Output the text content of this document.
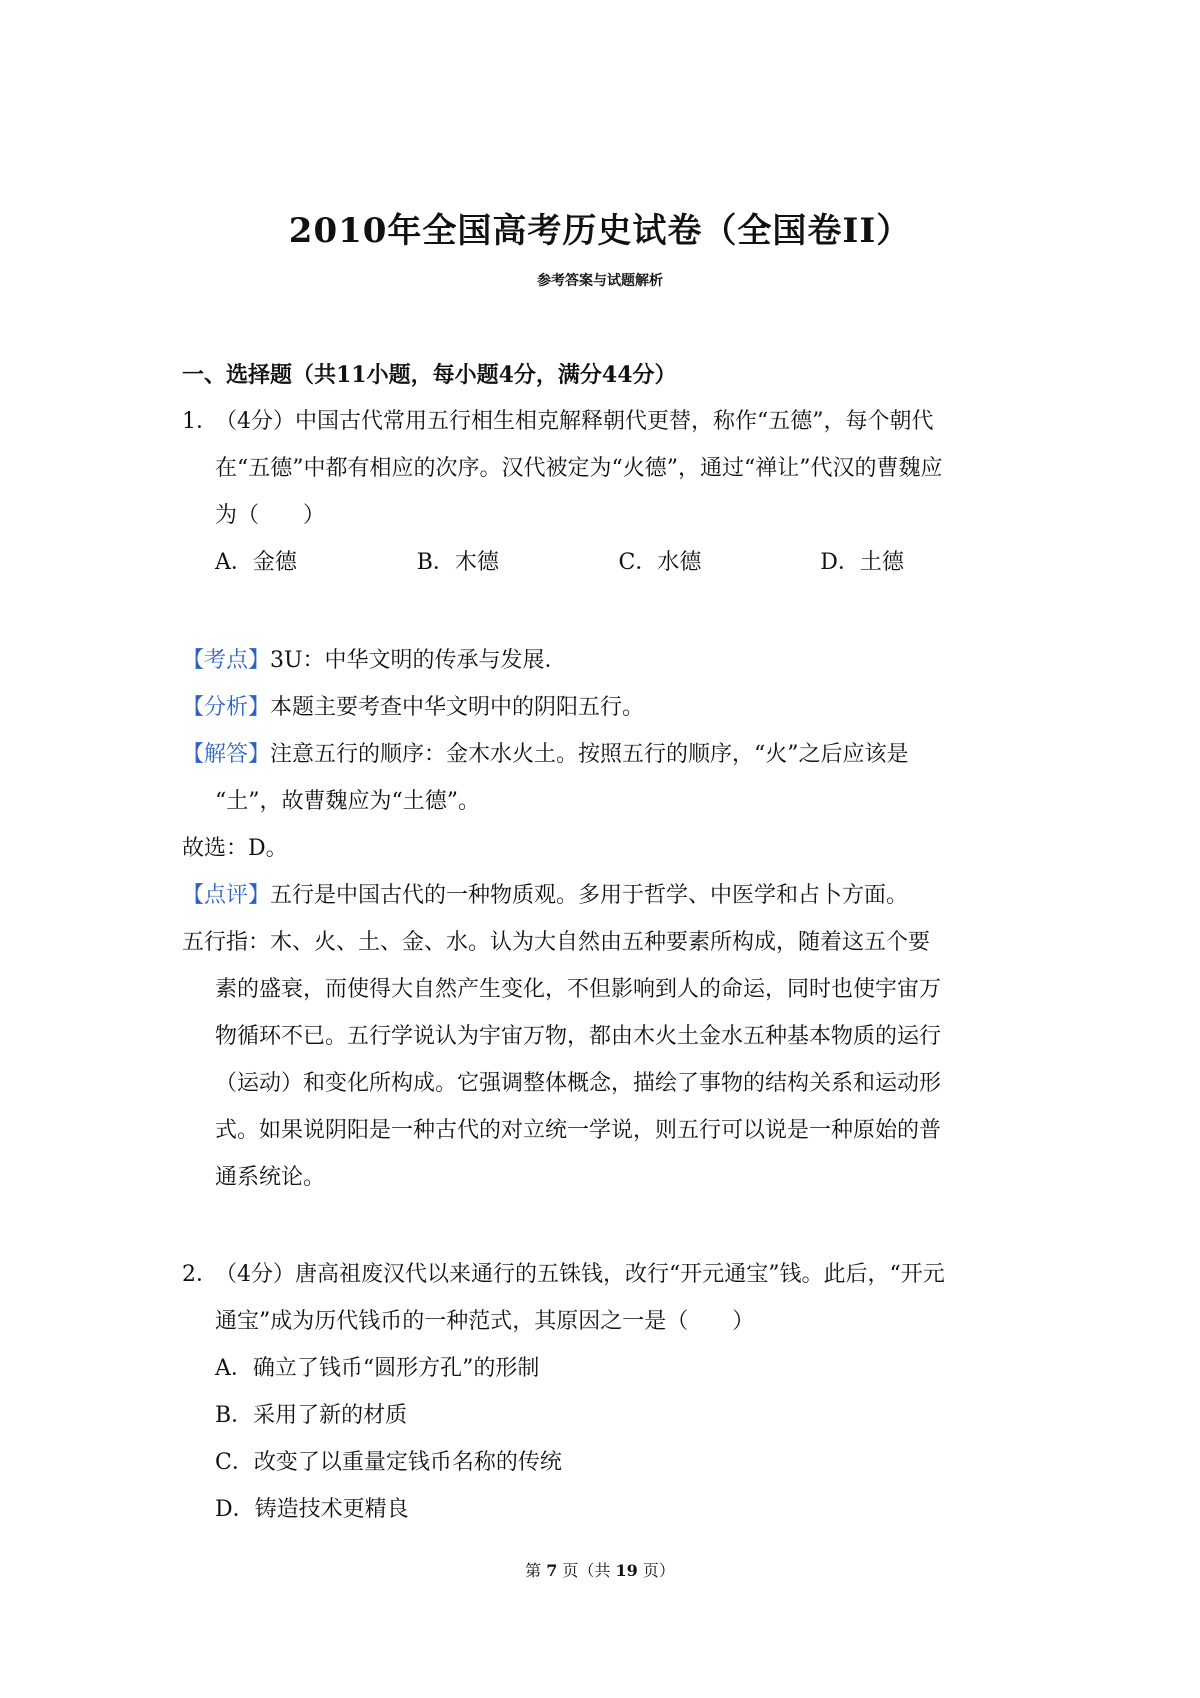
2010年全国高考历史试卷（全国卷II）
参考答案与试题解析
一、选择题（共11小题，每小题4分，满分44分）
1．
（4分）中国古代常用五行相生相克解释朝代更替，称作“五德”，每个朝代
在“五德”中都有相应的次序。汉代被定为“火德”，通过“禅让”代汉的曹魏应
为（　　）
A．金德	B．木德	C．水德	D．土德
【考点】3U：中华文明的传承与发展．
【分析】本题主要考查中华文明中的阴阳五行。
【解答】注意五行的顺序：金木水火土。按照五行的顺序，“火”之后应该是
“土”，故曹魏应为“土德”。
故选：D。
【点评】五行是中国古代的一种物质观。多用于哲学、中医学和占卜方面。
五行指：木、火、土、金、水。认为大自然由五种要素所构成，随着这五个要
素的盛衰，而使得大自然产生变化，不但影响到人的命运，同时也使宇宙万
物循环不已。五行学说认为宇宙万物，都由木火土金水五种基本物质的运行
（运动）和变化所构成。它强调整体概念，描绘了事物的结构关系和运动形
式。如果说阴阳是一种古代的对立统一学说，则五行可以说是一种原始的普
通系统论。
2．
（4分）唐高祖废汉代以来通行的五铢钱，改行“开元通宝”钱。此后，“开元
通宝”成为历代钱币的一种范式，其原因之一是（　　）
A．确立了钱币“圆形方孔”的形制
B．采用了新的材质
C．改变了以重量定钱币名称的传统
D．铸造技术更精良
第 7 页（共 19 页）
